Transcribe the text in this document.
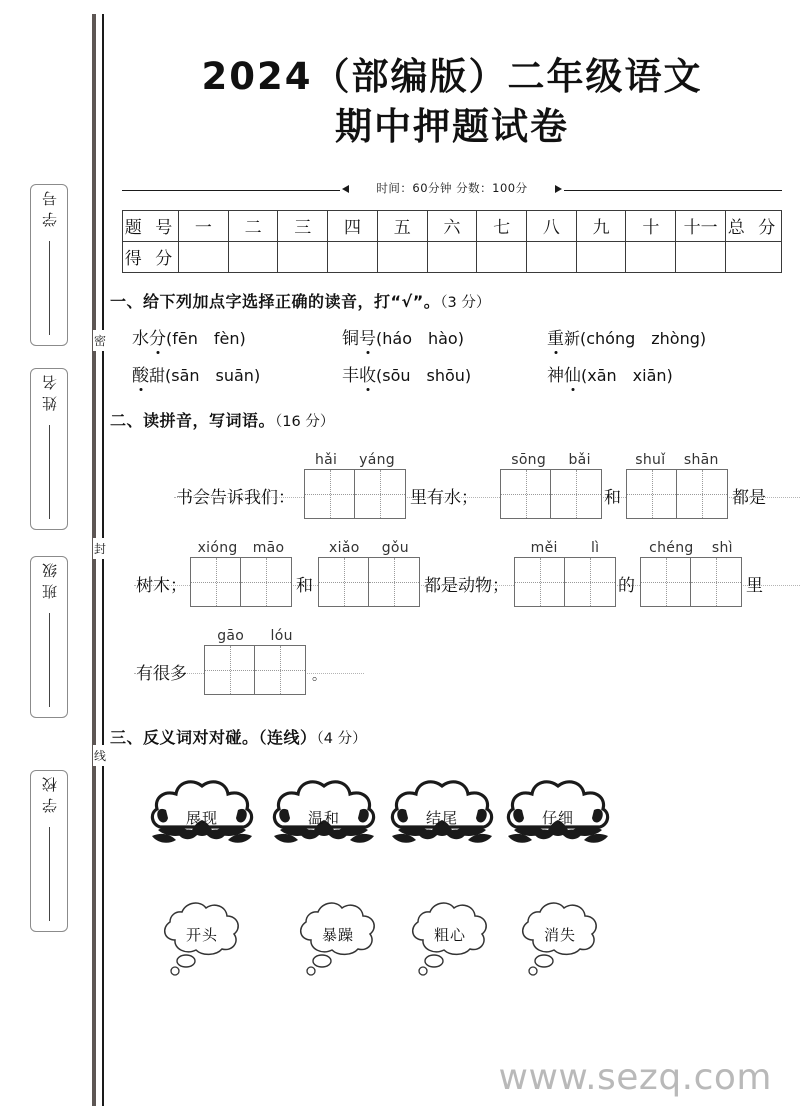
学号
姓名
班级
学校
密
封
线
2024（部编版）二年级语文
期中押题试卷
时间：60分钟 分数：100分
题 号	一	二	三	四	五	六	七	八	九	十	十一	总 分
得 分												
一、给下列加点字选择正确的读音，打“√”。（3 分）
水分(fēn　fèn)	铜号(háo　hào)	重新(chóng　zhòng)
酸甜(sān　suān)	丰收(sōu　shōu)	神仙(xān　xiān)
二、读拼音，写词语。（16 分）
书会告诉我们：
hǎi yáng
里有水；
sōng bǎi
和
shuǐ shān
都是
树木；
xióng māo
和
xiǎo gǒu
都是动物；
měi lì
的
chéng shì
里
有很多
gāo lóu
。
三、反义词对对碰。（连线）（4 分）
展现	温和	结尾	仔细
开头	暴躁	粗心	消失
www.sezq.com
